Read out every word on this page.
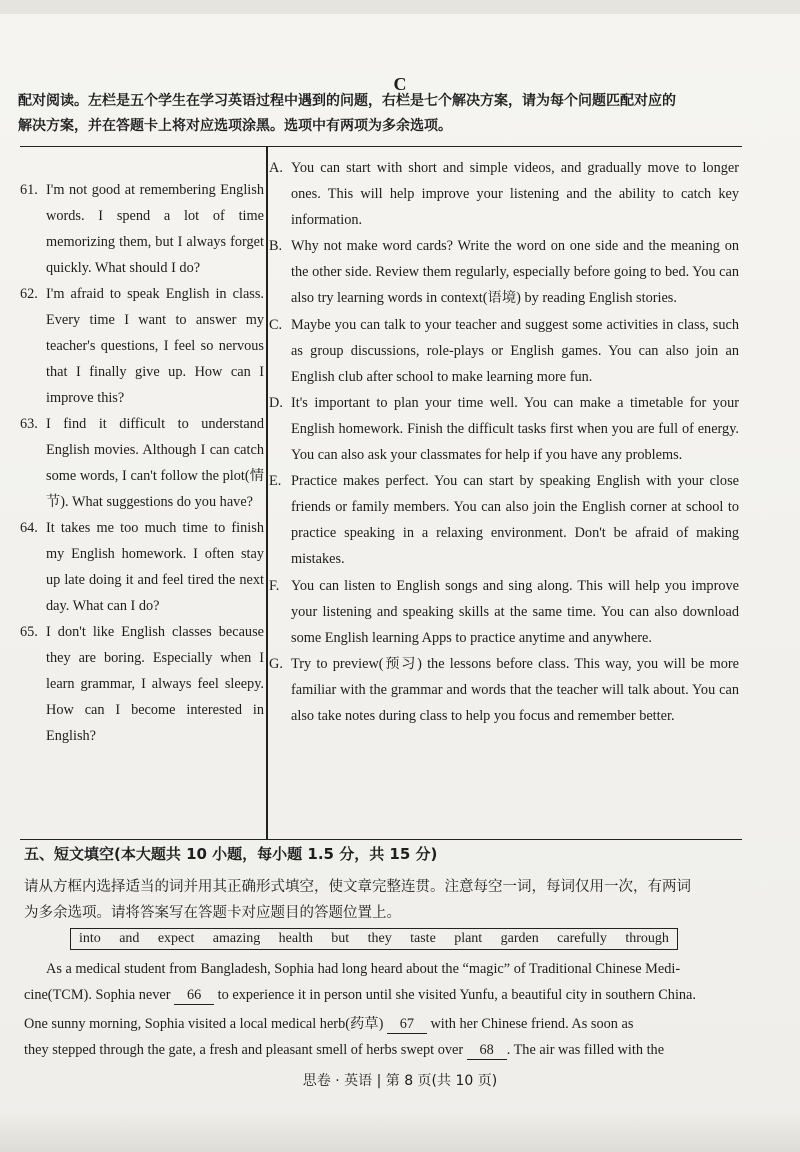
C
配对阅读。左栏是五个学生在学习英语过程中遇到的问题，右栏是七个解决方案，请为每个问题匹配对应的
解决方案，并在答题卡上将对应选项涂黑。选项中有两项为多余选项。

61. I'm not good at remembering English words. I spend a lot of time memorizing them, but I always forget quickly. What should I do?

62. I'm afraid to speak English in class. Every time I want to answer my teacher's questions, I feel so nervous that I finally give up. How can I improve this?

63. I find it difficult to understand English movies. Although I can catch some words, I can't follow the plot(情节). What suggestions do you have?

64. It takes me too much time to finish my English homework. I often stay up late doing it and feel tired the next day. What can I do?

65. I don't like English classes because they are boring. Especially when I learn grammar, I always feel sleepy. How can I become interested in English?

A. You can start with short and simple videos, and gradually move to longer ones. This will help improve your listening and the ability to catch key information.

B. Why not make word cards? Write the word on one side and the meaning on the other side. Review them regularly, especially before going to bed. You can also try learning words in context(语境) by reading English stories.

C. Maybe you can talk to your teacher and suggest some activities in class, such as group discussions, role-plays or English games. You can also join an English club after school to make learning more fun.

D. It's important to plan your time well. You can make a timetable for your English homework. Finish the difficult tasks first when you are full of energy. You can also ask your classmates for help if you have any problems.

E. Practice makes perfect. You can start by speaking English with your close friends or family members. You can also join the English corner at school to practice speaking in a relaxing environment. Don't be afraid of making mistakes.

F. You can listen to English songs and sing along. This will help you improve your listening and speaking skills at the same time. You can also download some English learning Apps to practice anytime and anywhere.

G. Try to preview(预习) the lessons before class. This way, you will be more familiar with the grammar and words that the teacher will talk about. You can also take notes during class to help you focus and remember better.

五、短文填空(本大题共 10 小题，每小题 1.5 分，共 15 分)
请从方框内选择适当的词并用其正确形式填空，使文章完整连贯。注意每空一词，每词仅用一次，有两词
为多余选项。请将答案写在答题卡对应题目的答题位置上。
into and expect amazing health but they taste plant garden carefully through
As a medical student from Bangladesh, Sophia had long heard about the “magic” of Traditional Chinese Medi-
cine(TCM). Sophia never 66 to experience it in person until she visited Yunfu, a beautiful city in southern China.
One sunny morning, Sophia visited a local medical herb(药草) 67 with her Chinese friend. As soon as
they stepped through the gate, a fresh and pleasant smell of herbs swept over 68 . The air was filled with the
思卷 · 英语 | 第 8 页(共 10 页)
